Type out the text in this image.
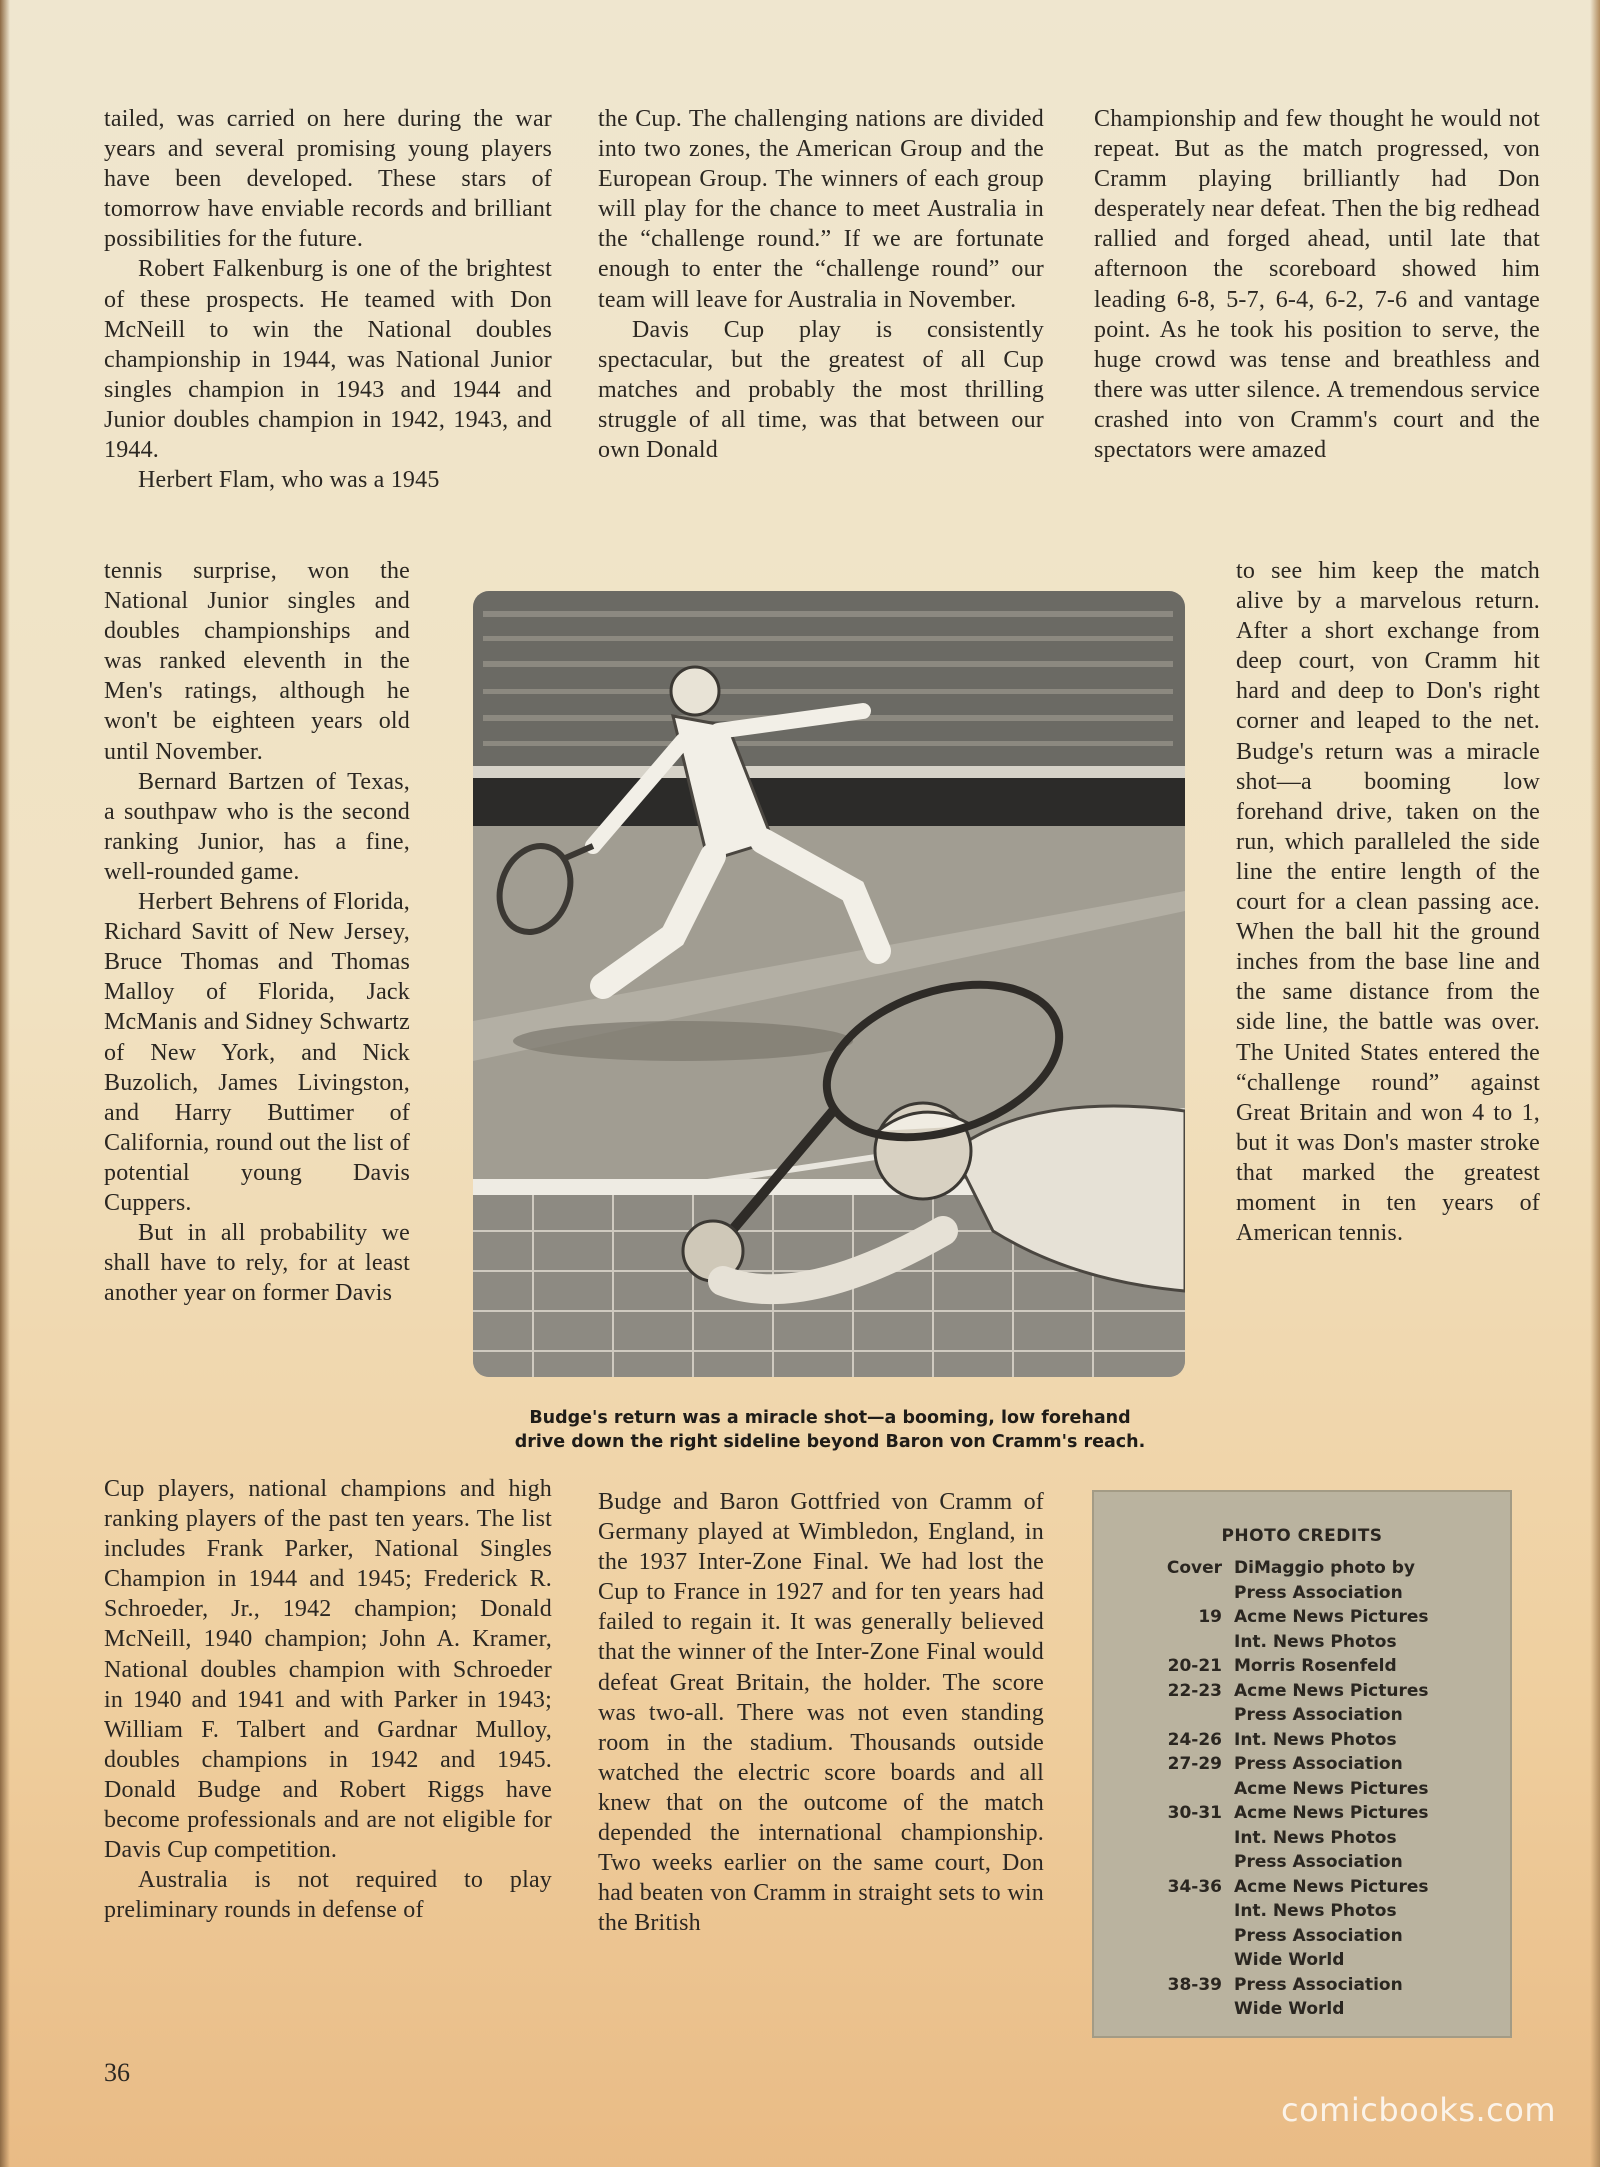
tailed, was carried on here during the war years and several promising young players have been developed. These stars of tomorrow have enviable records and brilliant possibilities for the future.

Robert Falkenburg is one of the brightest of these prospects. He teamed with Don McNeill to win the National doubles championship in 1944, was National Junior singles champion in 1943 and 1944 and Junior doubles champion in 1942, 1943, and 1944.

Herbert Flam, who was a 1945

tennis surprise, won the National Junior singles and doubles championships and was ranked eleventh in the Men's ratings, although he won't be eighteen years old until November.

Bernard Bartzen of Texas, a southpaw who is the second ranking Junior, has a fine, well-rounded game.

Herbert Behrens of Florida, Richard Savitt of New Jersey, Bruce Thomas and Thomas Malloy of Florida, Jack McManis and Sidney Schwartz of New York, and Nick Buzolich, James Livingston, and Harry Buttimer of California, round out the list of potential young Davis Cuppers.

But in all probability we shall have to rely, for at least another year on former Davis

Cup players, national champions and high ranking players of the past ten years. The list includes Frank Parker, National Singles Champion in 1944 and 1945; Frederick R. Schroeder, Jr., 1942 champion; Donald McNeill, 1940 champion; John A. Kramer, National doubles champion with Schroeder in 1940 and 1941 and with Parker in 1943; William F. Talbert and Gardnar Mulloy, doubles champions in 1942 and 1945. Donald Budge and Robert Riggs have become professionals and are not eligible for Davis Cup competition.

Australia is not required to play preliminary rounds in defense of

the Cup. The challenging nations are divided into two zones, the American Group and the European Group. The winners of each group will play for the chance to meet Australia in the “challenge round.” If we are fortunate enough to enter the “challenge round” our team will leave for Australia in November.

Davis Cup play is consistently spectacular, but the greatest of all Cup matches and probably the most thrilling struggle of all time, was that between our own Donald

Budge and Baron Gottfried von Cramm of Germany played at Wimbledon, England, in the 1937 Inter-Zone Final. We had lost the Cup to France in 1927 and for ten years had failed to regain it. It was generally believed that the winner of the Inter-Zone Final would defeat Great Britain, the holder. The score was two-all. There was not even standing room in the stadium. Thousands outside watched the electric score boards and all knew that on the outcome of the match depended the international championship. Two weeks earlier on the same court, Don had beaten von Cramm in straight sets to win the British

Championship and few thought he would not repeat. But as the match progressed, von Cramm playing brilliantly had Don desperately near defeat. Then the big redhead rallied and forged ahead, until late that afternoon the scoreboard showed him leading 6-8, 5-7, 6-4, 6-2, 7-6 and vantage point. As he took his position to serve, the huge crowd was tense and breathless and there was utter silence. A tremendous service crashed into von Cramm's court and the spectators were amazed

to see him keep the match alive by a marvelous return. After a short exchange from deep court, von Cramm hit hard and deep to Don's right corner and leaped to the net. Budge's return was a miracle shot—a booming low forehand drive, taken on the run, which paralleled the side line the entire length of the court for a clean passing ace. When the ball hit the ground inches from the base line and the same distance from the side line, the battle was over. The United States entered the “challenge round” against Great Britain and won 4 to 1, but it was Don's master stroke that marked the greatest moment in ten years of American tennis.

Budge's return was a miracle shot—a booming, low forehand
drive down the right sideline beyond Baron von Cramm's reach.
PHOTO CREDITS
Cover DiMaggio photo by
Press Association
19 Acme News Pictures
Int. News Photos
20-21 Morris Rosenfeld
22-23 Acme News Pictures
Press Association
24-26 Int. News Photos
27-29 Press Association
Acme News Pictures
30-31 Acme News Pictures
Int. News Photos
Press Association
34-36 Acme News Pictures
Int. News Photos
Press Association
Wide World
38-39 Press Association
Wide World
36
comicbooks.com
